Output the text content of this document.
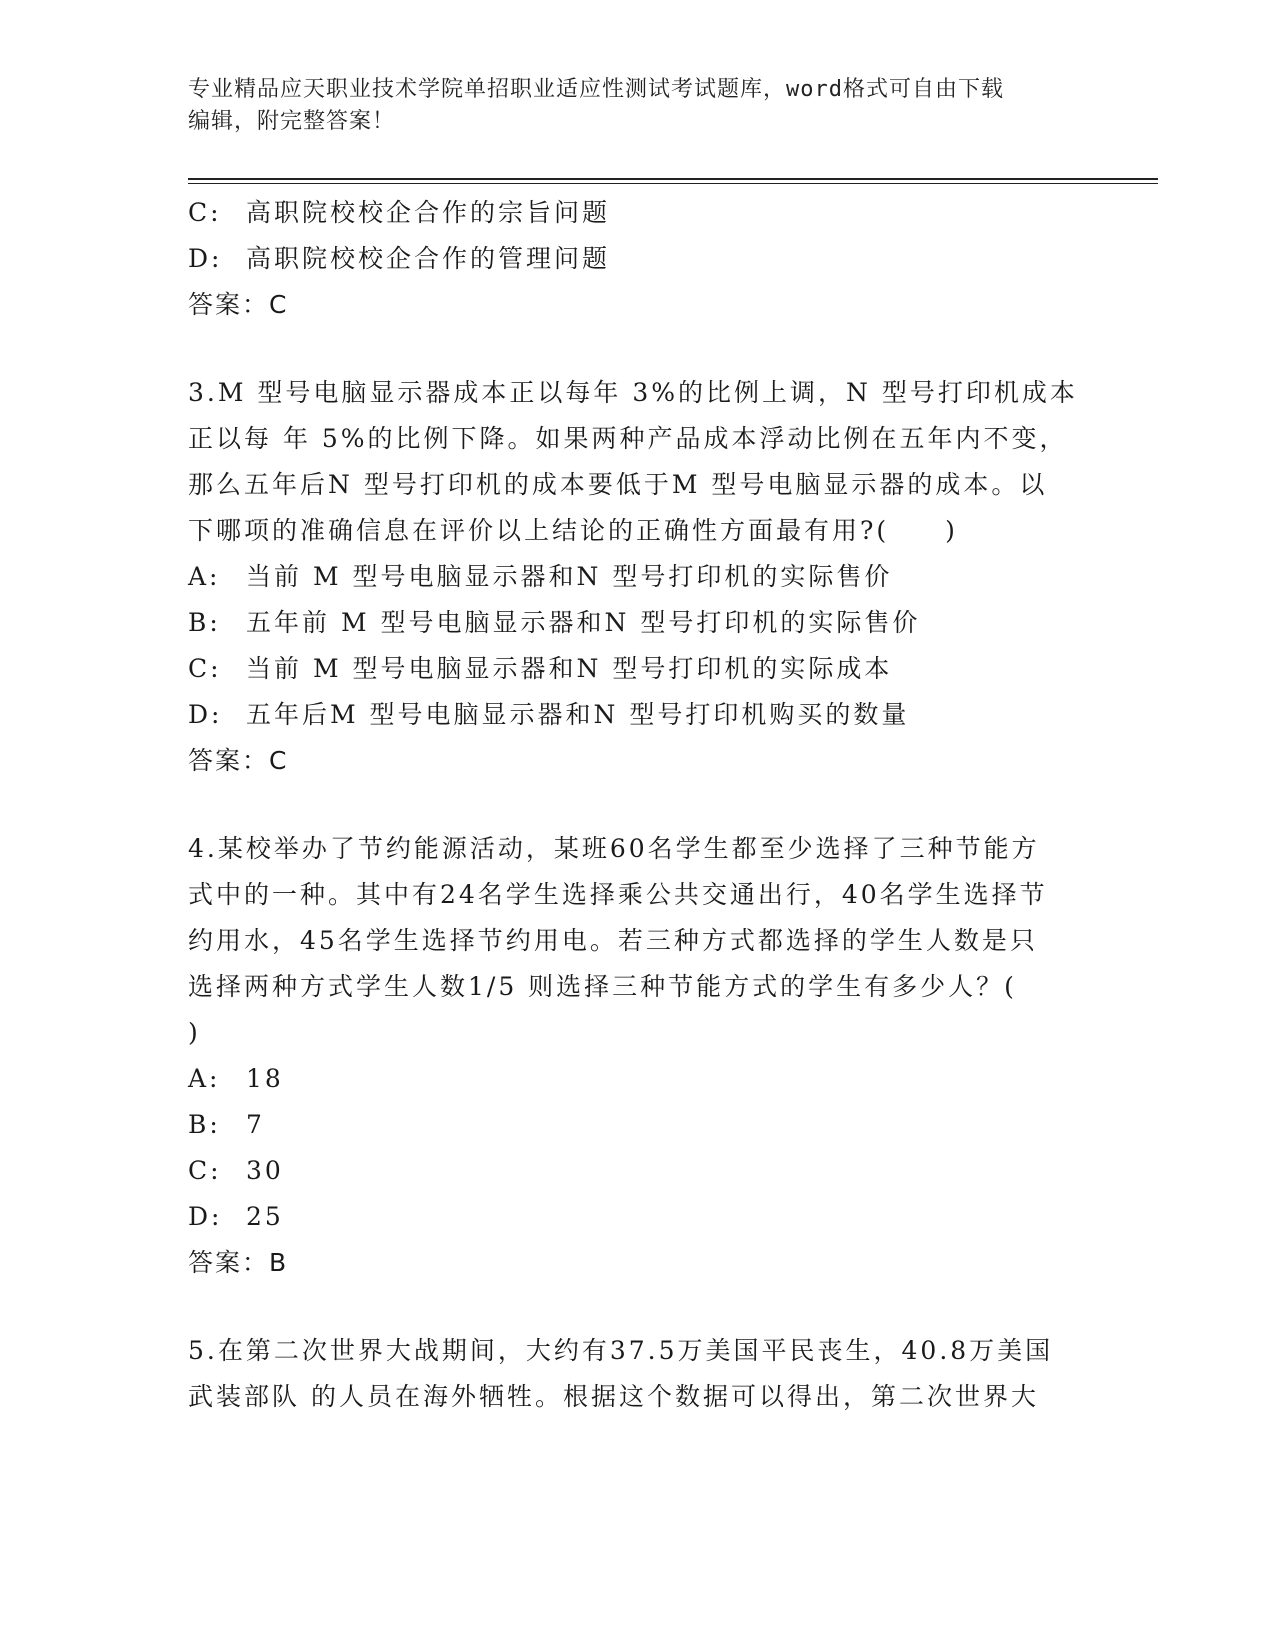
专业精品应天职业技术学院单招职业适应性测试考试题库，word格式可自由下载
编辑，附完整答案！
C: 高职院校校企合作的宗旨问题
D: 高职院校校企合作的管理问题
答案：C
3.M 型号电脑显示器成本正以每年 3%的比例上调，N 型号打印机成本
正以每 年 5%的比例下降。如果两种产品成本浮动比例在五年内不变，
那么五年后N 型号打印机的成本要低于M 型号电脑显示器的成本。以
下哪项的准确信息在评价以上结论的正确性方面最有用?(　　)
A:	当前 M 型号电脑显示器和N 型号打印机的实际售价
B:	五年前 M 型号电脑显示器和N 型号打印机的实际售价
C: 当前 M 型号电脑显示器和N 型号打印机的实际成本
D: 五年后M 型号电脑显示器和N 型号打印机购买的数量
答案：C
4.某校举办了节约能源活动，某班60名学生都至少选择了三种节能方
式中的一种。其中有24名学生选择乘公共交通出行，40名学生选择节
约用水，45名学生选择节约用电。若三种方式都选择的学生人数是只
选择两种方式学生人数1/5 则选择三种节能方式的学生有多少人？(
)
A:	18
B:	7
C: 30
D: 25
答案：B
5.在第二次世界大战期间，大约有37.5万美国平民丧生，40.8万美国
武装部队 的人员在海外牺牲。根据这个数据可以得出，第二次世界大
